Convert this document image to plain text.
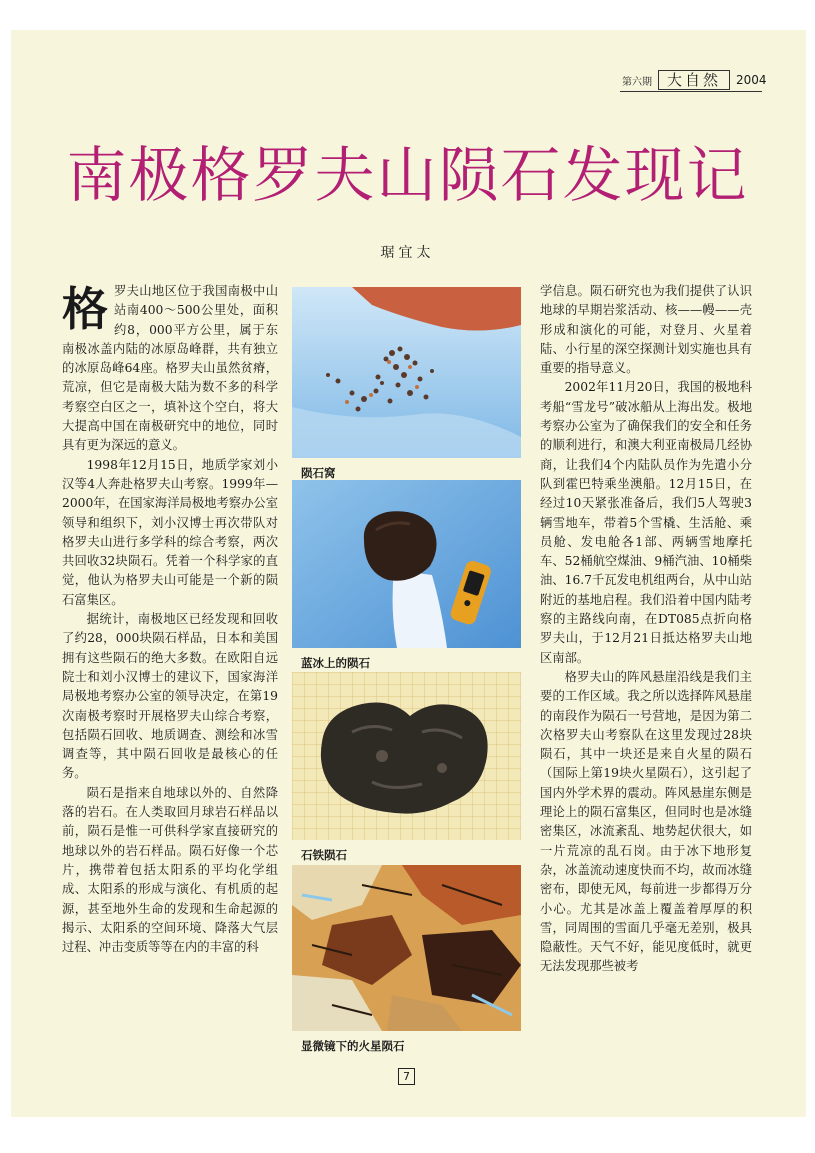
第六期	大自然	2004
南极格罗夫山陨石发现记
琚宜太

格罗夫山地区位于我国南极中山站南400～500公里处，面积约8，000平方公里，属于东南极冰盖内陆的冰原岛峰群，共有独立的冰原岛峰64座。格罗夫山虽然贫瘠，荒凉，但它是南极大陆为数不多的科学考察空白区之一，填补这个空白，将大大提高中国在南极研究中的地位，同时具有更为深远的意义。

1998年12月15日，地质学家刘小汉等4人奔赴格罗夫山考察。1999年—2000年，在国家海洋局极地考察办公室领导和组织下，刘小汉博士再次带队对格罗夫山进行多学科的综合考察，两次共回收32块陨石。凭着一个科学家的直觉，他认为格罗夫山可能是一个新的陨石富集区。

据统计，南极地区已经发现和回收了约28，000块陨石样品，日本和美国拥有这些陨石的绝大多数。在欧阳自远院士和刘小汉博士的建议下，国家海洋局极地考察办公室的领导决定，在第19次南极考察时开展格罗夫山综合考察，包括陨石回收、地质调查、测绘和冰雪调查等，其中陨石回收是最核心的任务。

陨石是指来自地球以外的、自然降落的岩石。在人类取回月球岩石样品以前，陨石是惟一可供科学家直接研究的地球以外的岩石样品。陨石好像一个芯片，携带着包括太阳系的平均化学组成、太阳系的形成与演化、有机质的起源，甚至地外生命的发现和生命起源的揭示、太阳系的空间环境、降落大气层过程、冲击变质等等在内的丰富的科

陨石窝
蓝冰上的陨石
石铁陨石
显微镜下的火星陨石

学信息。陨石研究也为我们提供了认识地球的早期岩浆活动、核——幔——壳形成和演化的可能，对登月、火星着陆、小行星的深空探测计划实施也具有重要的指导意义。

2002年11月20日，我国的极地科考船“雪龙号”破冰船从上海出发。极地考察办公室为了确保我们的安全和任务的顺利进行，和澳大利亚南极局几经协商，让我们4个内陆队员作为先遣小分队到霍巴特乘坐澳船。12月15日，在经过10天紧张准备后，我们5人驾驶3辆雪地车，带着5个雪橇、生活舱、乘员舱、发电舱各1部、两辆雪地摩托车、52桶航空煤油、9桶汽油、10桶柴油、16.7千瓦发电机组两台，从中山站附近的基地启程。我们沿着中国内陆考察的主路线向南，在DT085点折向格罗夫山，于12月21日抵达格罗夫山地区南部。

格罗夫山的阵风悬崖沿线是我们主要的工作区域。我之所以选择阵风悬崖的南段作为陨石一号营地，是因为第二次格罗夫山考察队在这里发现过28块陨石，其中一块还是来自火星的陨石（国际上第19块火星陨石），这引起了国内外学术界的震动。阵风悬崖东侧是理论上的陨石富集区，但同时也是冰缝密集区，冰流紊乱、地势起伏很大，如一片荒凉的乱石岗。由于冰下地形复杂，冰盖流动速度快而不均，故而冰缝密布，即使无风，每前进一步都得万分小心。尤其是冰盖上覆盖着厚厚的积雪，同周围的雪面几乎毫无差别，极具隐蔽性。天气不好，能见度低时，就更无法发现那些被考

7
